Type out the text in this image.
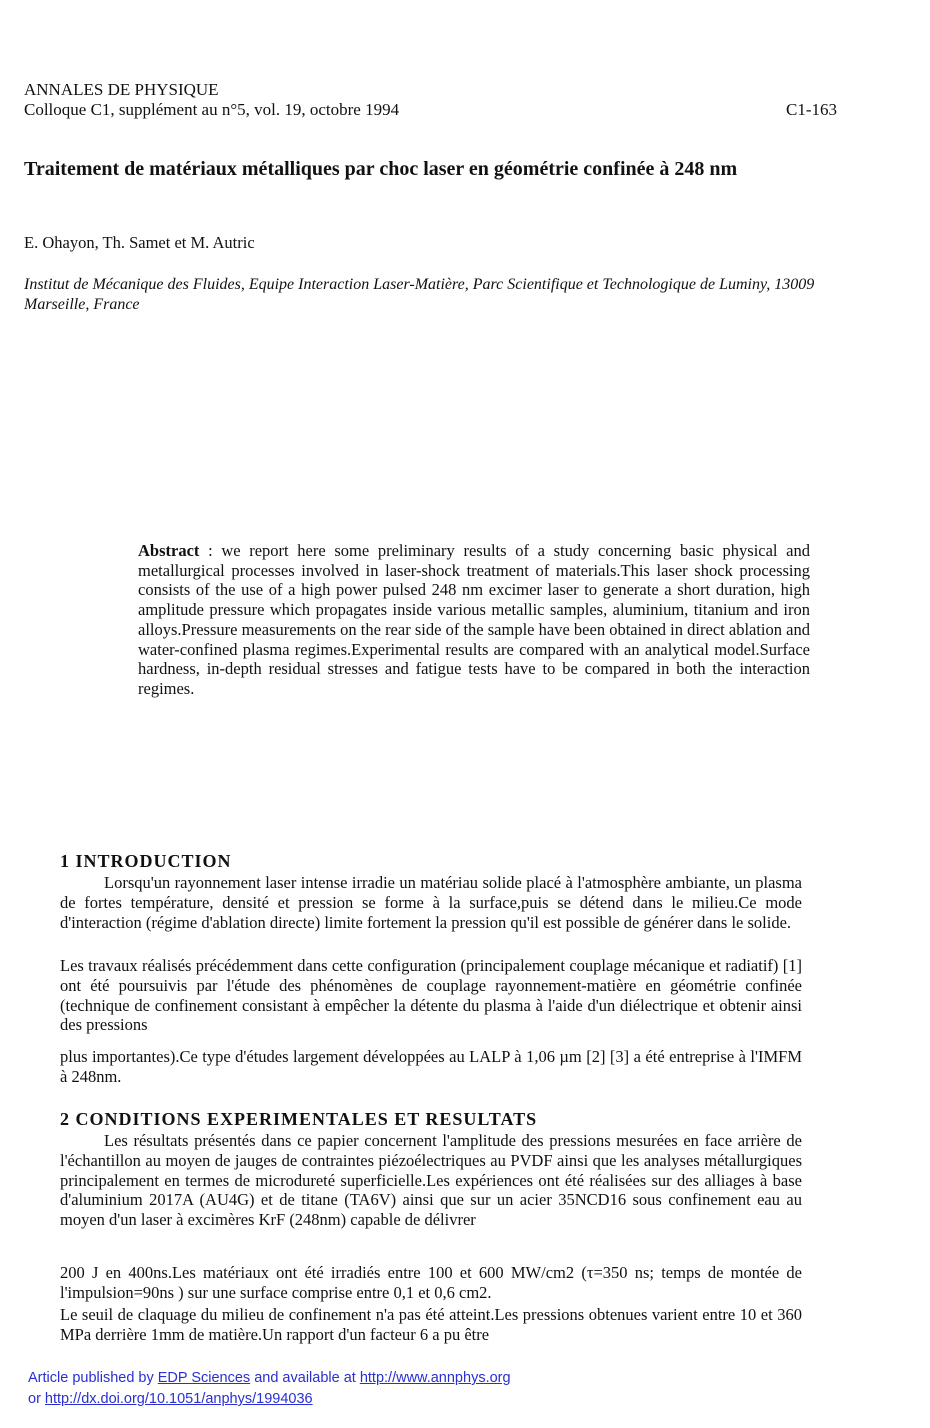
ANNALES DE PHYSIQUE
Colloque C1, supplément au n°5, vol. 19, octobre 1994	C1-163
Traitement de matériaux métalliques par choc laser en géométrie confinée à 248 nm
E. Ohayon, Th. Samet et M. Autric
Institut de Mécanique des Fluides, Equipe Interaction Laser-Matière, Parc Scientifique et Technologique de Luminy, 13009 Marseille, France
Abstract : we report here some preliminary results of a study concerning basic physical and metallurgical processes involved in laser-shock treatment of materials.This laser shock processing consists of the use of a high power pulsed 248 nm excimer laser to generate a short duration, high amplitude pressure which propagates inside various metallic samples, aluminium, titanium and iron alloys.Pressure measurements on the rear side of the sample have been obtained in direct ablation and water-confined plasma regimes.Experimental results are compared with an analytical model.Surface hardness, in-depth residual stresses and fatigue tests have to be compared in both the interaction regimes.
1 INTRODUCTION
Lorsqu'un rayonnement laser intense irradie un matériau solide placé à l'atmosphère ambiante, un plasma de fortes température, densité et pression se forme à la surface,puis se détend dans le milieu.Ce mode d'interaction (régime d'ablation directe) limite fortement la pression qu'il est possible de générer dans le solide.
Les travaux réalisés précédemment dans cette configuration (principalement couplage mécanique et radiatif) [1] ont été poursuivis par l'étude des phénomènes de couplage rayonnement-matière en géométrie confinée (technique de confinement consistant à empêcher la détente du plasma à l'aide d'un diélectrique et obtenir ainsi des pressions
plus importantes).Ce type d'études largement développées au LALP à 1,06 µm [2] [3] a été entreprise à l'IMFM à 248nm.
2 CONDITIONS EXPERIMENTALES ET RESULTATS
Les résultats présentés dans ce papier concernent l'amplitude des pressions mesurées en face arrière de l'échantillon au moyen de jauges de contraintes piézoélectriques au PVDF ainsi que les analyses métallurgiques principalement en termes de microdureté superficielle.Les expériences ont été réalisées sur des alliages à base d'aluminium 2017A (AU4G) et de titane (TA6V) ainsi que sur un acier 35NCD16 sous confinement eau au moyen d'un laser à excimères KrF (248nm) capable de délivrer
200 J en 400ns.Les matériaux ont été irradiés entre 100 et 600 MW/cm2 (τ=350 ns; temps de montée de l'impulsion=90ns ) sur une surface comprise entre 0,1 et 0,6 cm2.
Le seuil de claquage du milieu de confinement n'a pas été atteint.Les pressions obtenues varient entre 10 et 360 MPa derrière 1mm de matière.Un rapport d'un facteur 6 a pu être
Article published by EDP Sciences and available at http://www.annphys.org
or http://dx.doi.org/10.1051/anphys/1994036
